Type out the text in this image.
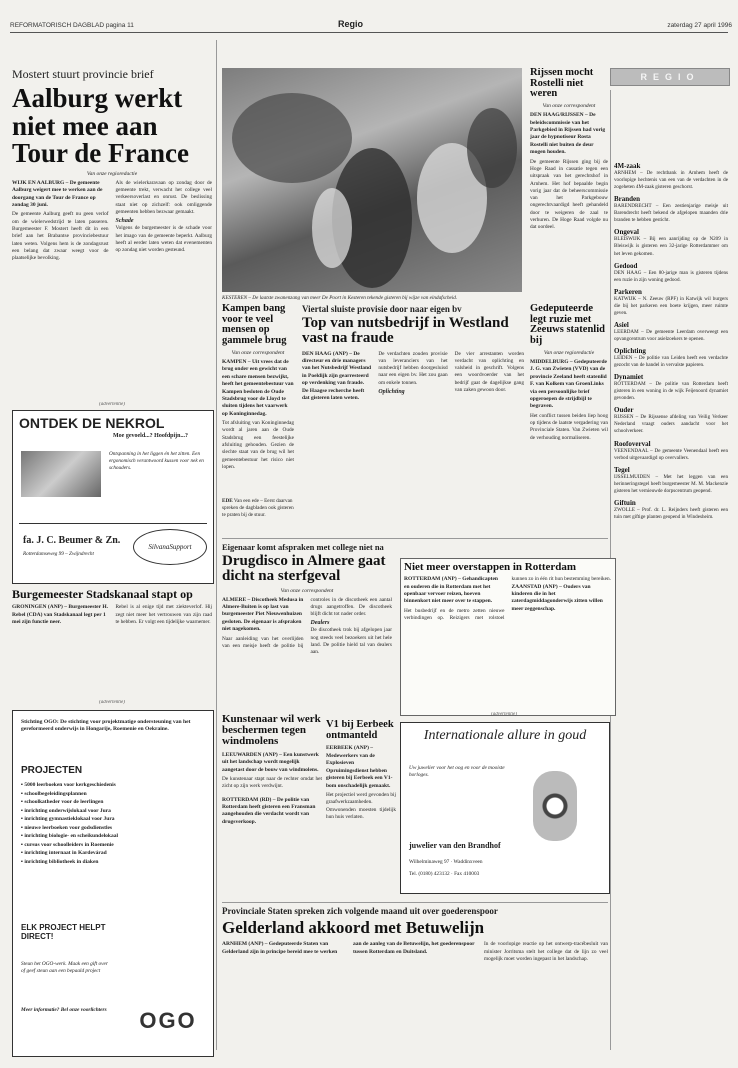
REFORMATORISCH DAGBLAD pagina 11	Regio	zaterdag 27 april 1996
REGIO
Mostert stuurt provincie brief
Aalburg werkt niet mee aan Tour de France
Van onze regioredactie

WIJK EN AALBURG – De gemeente Aalburg weigert mee te werken aan de doorgang van de Tour de France op zondag 30 juni.

De gemeente Aalburg geeft nu geen verlof om de wielerwedstrijd te laten passeren. Burgemeester F. Mostert heeft dit in een brief aan het Brabantse provinciebestuur laten weten. Volgens hem is de zondagsrust een belang dat zwaar weegt voor de plaatselijke bevolking.

Als de wielerkaravaan op zondag door de gemeente trekt, verwacht het college veel verkeersoverlast en onrust. De beslissing staat niet op zichzelf: ook omliggende gemeenten hebben bezwaar gemaakt.

Schade

Volgens de burgemeester is de schade voor het imago van de gemeente beperkt. Aalburg heeft al eerder laten weten dat evenementen op zondag niet worden gesteund.

KESTEREN – De laatste zwanenzang van meer De Poort in Kesteren tekende gisteren bij wijze van eindafscheid.
Rijssen mocht Rostelli niet weren
Van onze correspondent

DEN HAAG/RIJSSEN – De beleidscommissie van het Parkgebied in Rijssen had vorig jaar de hypnotiseur Rosta Rostelli niet buiten de deur mogen houden.

De gemeente Rijssen ging bij de Hoge Raad in cassatie tegen een uitspraak van het gerechtshof in Arnhem. Het hof bepaalde begin vorig jaar dat de beheerscommissie van het Parkgebouw ongerechtvaardigd heeft gehandeld door te weigeren de zaal te verhuren. De Hoge Raad volgde nu dat oordeel.

4M-zaak

ARNHEM – De rechtbank in Arnhem heeft de voorlopige hechtenis van een van de verdachten in de zogeheten 4M-zaak gisteren geschorst.

Branden

BARENDRECHT – Een zestienjarige meisje uit Barendrecht heeft bekend de afgelopen maanden drie branden te hebben gesticht.

Ongeval

BLEISWIJK – Bij een aanrijding op de N209 in Bleiswijk is gisteren een 32-jarige Rotterdammer om het leven gekomen.

Gedood

DEN HAAG – Een 80-jarige man is gisteren tijdens een ruzie in zijn woning gedood.

Parkeren

KATWIJK – N. Zeeuw (RPF) in Katwijk wil burgers die bij het parkeren een boete krijgen, meer ruimte geven.

Asiel

LEERDAM – De gemeente Leerdam overweegt een opvangcentrum voor asielzoekers te openen.

Oplichting

LEIDEN – De politie van Leiden heeft een verdachte gezocht van de handel in vervalste papieren.

Dynamiet

ROTTERDAM – De politie van Rotterdam heeft gisteren in een woning in de wijk Feijenoord dynamiet gevonden.

Ouder

RIJSSEN – De Rijssense afdeling van Veilig Verkeer Nederland vraagt ouders aandacht voor het schoolverkeer.

Roofoverval

VEENENDAAL – De gemeente Veenendaal heeft een verbod uitgevaardigd op overvallers.

Tegel

IJSSELMUIDEN – Met het leggen van een herinneringstegel heeft burgemeester M. M. Mackenzie gisteren het vernieuwde dorpscentrum geopend.

Giftuin

ZWOLLE – Prof. dr. L. Reijnders heeft gisteren een tuin met giftige planten geopend in Windesheim.

(advertentie)
ONTDEK DE NEKROL
Moe gevoeld...? Hoofdpijn...?
Ontspanning in het liggen én het zitten. Een ergonomisch verantwoord kussen voor nek en schouders.
fa. J. C. Beumer & Zn.
Rotterdamseweg 99 – Zwijndrecht
SilvanaSupport
Kampen bang voor te veel mensen op gammele brug
Van onze correspondent

KAMPEN – Uit vrees dat de brug onder een gewicht van een schare mensen bezwijkt, heeft het gemeentebestuur van Kampen besloten de Oude Stadsbrug voor de Lloyd te sluiten tijdens het vaarwerk op Koninginnedag.

Tot afsluiting van Koninginnedag wordt al jaren aan de Oude Stadsbrug een feestelijke afsluiting gehouden. Gezien de slechte staat van de brug wil het gemeentebestuur het risico niet lopen.

EDE Van een ede – Eerst daarvan spreken de dagbladen ook gisteren te praten bij de stuur.
Viertal sluiste provisie door naar eigen bv
Top van nutsbedrijf in Westland vast na fraude

DEN HAAG (ANP) – De directeur en drie managers van het Nutsbedrijf Westland in Poeldijk zijn gearresteerd op verdenking van fraude. De Haagse recherche heeft dat gisteren laten weten.

De verdachten zouden provisie van leveranciers van het nutsbedrijf hebben doorgesluisd naar een eigen bv. Het zou gaan om enkele tonnen.

Oplichting

De vier arrestanten worden verdacht van oplichting en valsheid in geschrift. Volgens een woordvoerder van het bedrijf gaat de dagelijkse gang van zaken gewoon door.

Gedeputeerde legt ruzie met Zeeuws statenlid bij
Van onze regioredactie

MIDDELBURG – Gedeputeerde J. G. van Zwieten (VVD) van de provincie Zeeland heeft statenlid F. van Kolkem van GroenLinks via een persoonlijke brief opgeroepen de strijdbijl te begraven.

Het conflict tussen beiden liep hoog op tijdens de laatste vergadering van Provinciale Staten. Van Zwieten wil de verhouding normaliseren.

Burgemeester Stadskanaal stapt op

GRONINGEN (ANP) – Burgemeester H. Rebel (CDA) van Stadskanaal legt per 1 mei zijn functie neer.

Rebel is al enige tijd met ziekteverlof. Hij zegt niet meer het vertrouwen van zijn raad te hebben. Er volgt een tijdelijke waarnemer.

Eigenaar komt afspraken met college niet na
Drugdisco in Almere gaat dicht na sterfgeval
Van onze correspondent

ALMERE – Discotheek Medusa in Almere-Buiten is op last van burgemeester Piet Nieuwenhuizen gesloten. De eigenaar is afspraken niet nagekomen.

Naar aanleiding van het overlijden van een meisje heeft de politie bij controles in de discotheek een aantal drugs aangetroffen. De discotheek blijft dicht tot nader order.

Dealers

De discotheek trok bij afgelopen jaar nog steeds veel bezoekers uit het hele land. De politie hield tal van dealers aan.

Niet meer overstappen in Rotterdam

ROTTERDAM (ANP) – Gehandicapten en ouderen die in Rotterdam met het openbaar vervoer reizen, hoeven binnenkort niet meer over te stappen.

Het busbedrijf en de metro zetten nieuwe verbindingen op. Reizigers met rolstoel kunnen zo in één rit hun bestemming bereiken.

ZAANSTAD (ANP) – Ouders van kinderen die in het zaterdagmiddagonderwijs zitten willen meer zeggenschap.

(advertentie)
Stichting OGO: De stichting voor projektmatige ondersteuning van het gereformeerd onderwijs in Hongarije, Roemenie en Oekraine.
PROJECTEN
▪ 5000 leerboeken voor kerkgeschiedenis
▪ schoolbegeleidingsplannen
▪ schoolkatheder voor de leerlingen
▪ inrichting onderwijslokaal voor Jura
▪ inrichting gymnastieklokaal voor Jura
▪ nieuwe leerboeken voor godsdienstles
▪ inrichting biologie- en scheikundelokaal
▪ cursus voor schoolleiders in Roemenie
▪ inrichting internaat in Kardevárad
▪ inrichting bibliotheek in diaken
ELK PROJECT HELPT DIRECT!
Steun het OGO-werk. Maak een gift over of geef steun aan een bepaald project
Meer informatie? Bel onze voorlichters OGO
Kunstenaar wil werk beschermen tegen windmolens

LEEUWARDEN (ANP) – Een kunstwerk uit het landschap wordt mogelijk aangetast door de bouw van windmolens.

De kunstenaar stapt naar de rechter omdat het zicht op zijn werk verdwijnt.

ROTTERDAM (RD) – De politie van Rotterdam heeft gisteren een Fransman aangehouden die verdacht wordt van drugsverkoop.

V1 bij Eerbeek ontmanteld

EERBEEK (ANP) – Medewerkers van de Explosieven Opruimingsdienst hebben gisteren bij Eerbeek een V1-bom onschadelijk gemaakt.

Het projectiel werd gevonden bij graafwerkzaamheden. Omwonenden moesten tijdelijk hun huis verlaten.

(advertentie)
Internationale allure in goud
Uw juwelier voor het oog en voor de mooiste horloges.
juwelier van den Brandhof
Wilhelminaweg 97 · Waddinxveen
Tel. (0180) 423132 · Fax 410003
Provinciale Staten spreken zich volgende maand uit over goederenspoor
Gelderland akkoord met Betuwelijn

ARNHEM (ANP) – Gedeputeerde Staten van Gelderland zijn in principe bereid mee te werken aan de aanleg van de Betuwelijn, het goederenspoor tussen Rotterdam en Duitsland.

In de voorlopige reactie op het ontwerp-tracébesluit van minister Jorritsma stelt het college dat de lijn zo veel mogelijk moet worden ingepast in het landschap.
